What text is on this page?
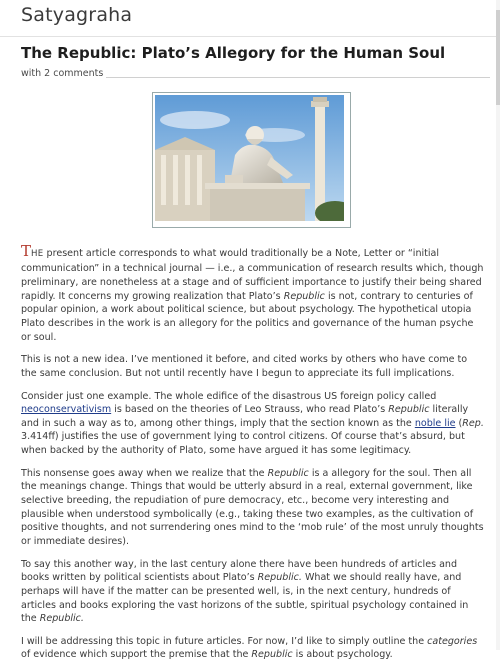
Satyagraha
The Republic: Plato’s Allegory for the Human Soul
with 2 comments

THE present article corresponds to what would traditionally be a Note, Letter or “initial communication” in a technical journal — i.e., a communication of research results which, though preliminary, are nonetheless at a stage and of sufficient importance to justify their being shared rapidly. It concerns my growing realization that Plato’s Republic is not, contrary to centuries of popular opinion, a work about political science, but about psychology. The hypothetical utopia Plato describes in the work is an allegory for the politics and governance of the human psyche or soul.

This is not a new idea. I’ve mentioned it before, and cited works by others who have come to the same conclusion. But not until recently have I begun to appreciate its full implications.

Consider just one example. The whole edifice of the disastrous US foreign policy called neoconservativism is based on the theories of Leo Strauss, who read Plato’s Republic literally and in such a way as to, among other things, imply that the section known as the noble lie (Rep. 3.414ff) justifies the use of government lying to control citizens. Of course that’s absurd, but when backed by the authority of Plato, some have argued it has some legitimacy.

This nonsense goes away when we realize that the Republic is a allegory for the soul. Then all the meanings change. Things that would be utterly absurd in a real, external government, like selective breeding, the repudiation of pure democracy, etc., become very interesting and plausible when understood symbolically (e.g., taking these two examples, as the cultivation of positive thoughts, and not surrendering ones mind to the ‘mob rule’ of the most unruly thoughts or immediate desires).

To say this another way, in the last century alone there have been hundreds of articles and books written by political scientists about Plato’s Republic. What we should really have, and perhaps will have if the matter can be presented well, is, in the next century, hundreds of articles and books exploring the vast horizons of the subtle, spiritual psychology contained in the Republic.

I will be addressing this topic in future articles. For now, I’d like to simply outline the categories of evidence which support the premise that the Republic is about psychology.
